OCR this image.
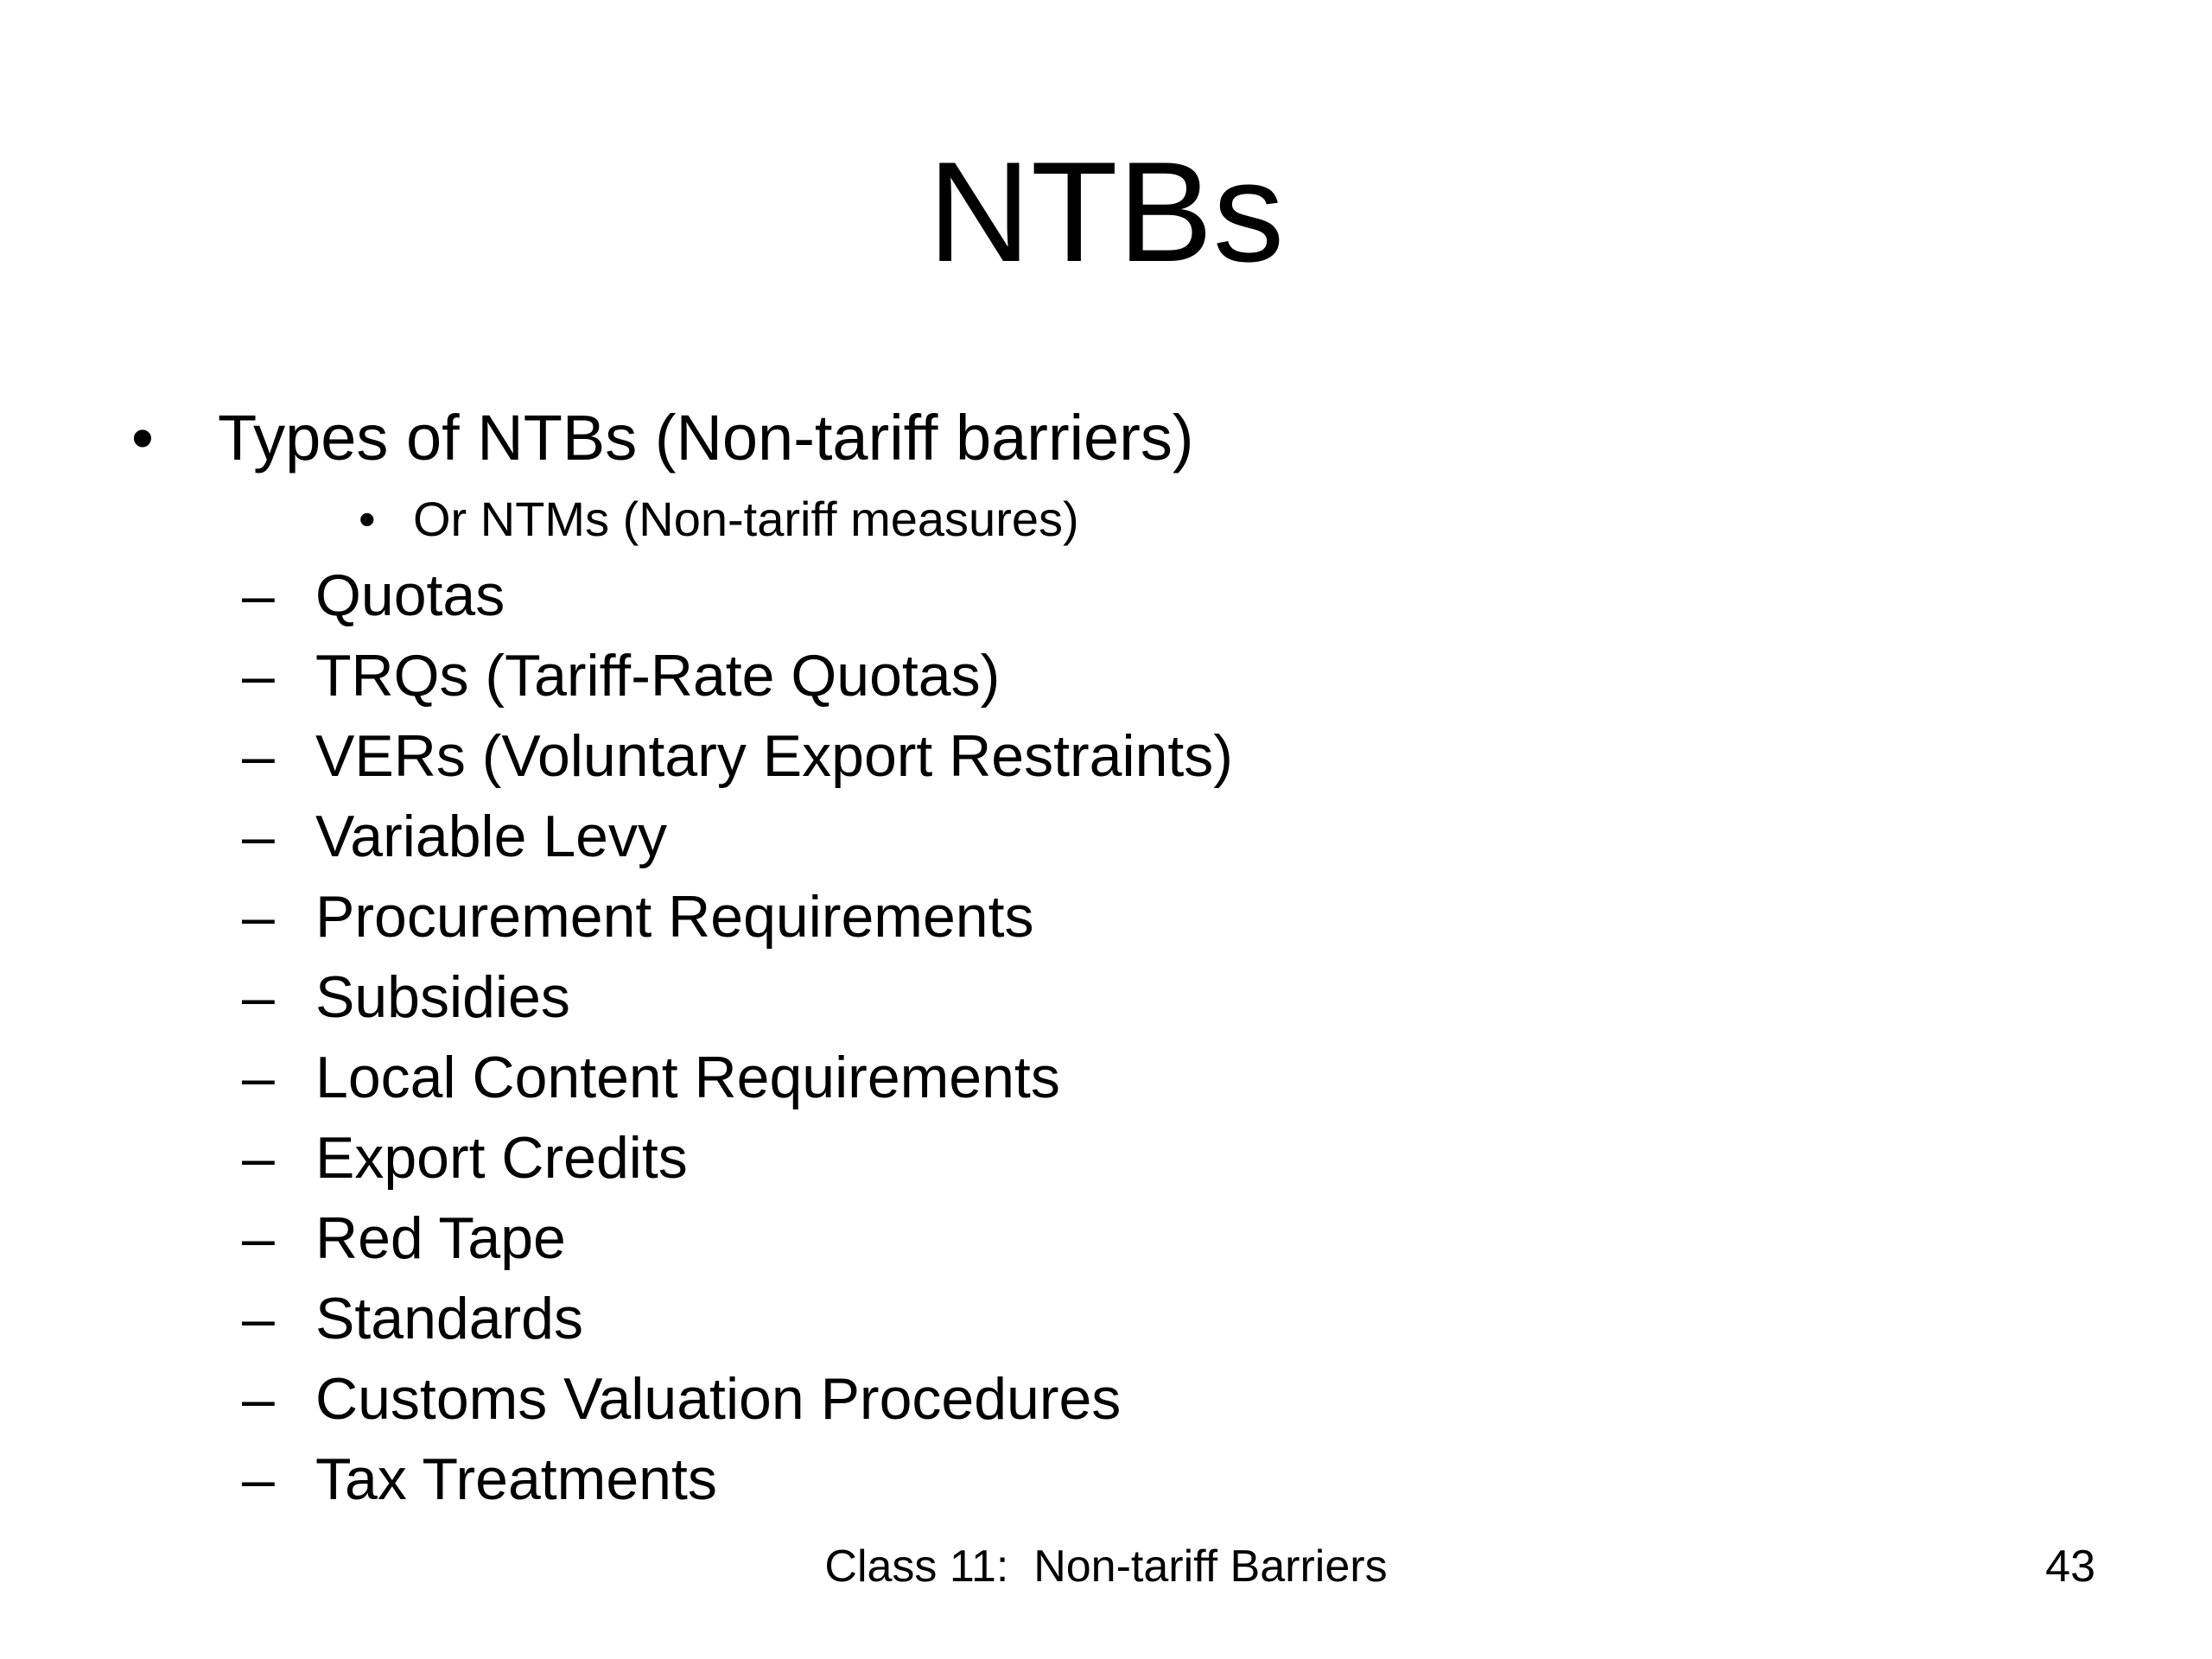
NTBs
• Types of NTBs (Non-tariff barriers)
• Or NTMs (Non-tariff measures)
– Quotas
– TRQs (Tariff-Rate Quotas)
– VERs (Voluntary Export Restraints)
– Variable Levy
– Procurement Requirements
– Subsidies
– Local Content Requirements
– Export Credits
– Red Tape
– Standards
– Customs Valuation Procedures
– Tax Treatments
Class 11:  Non-tariff Barriers	43
